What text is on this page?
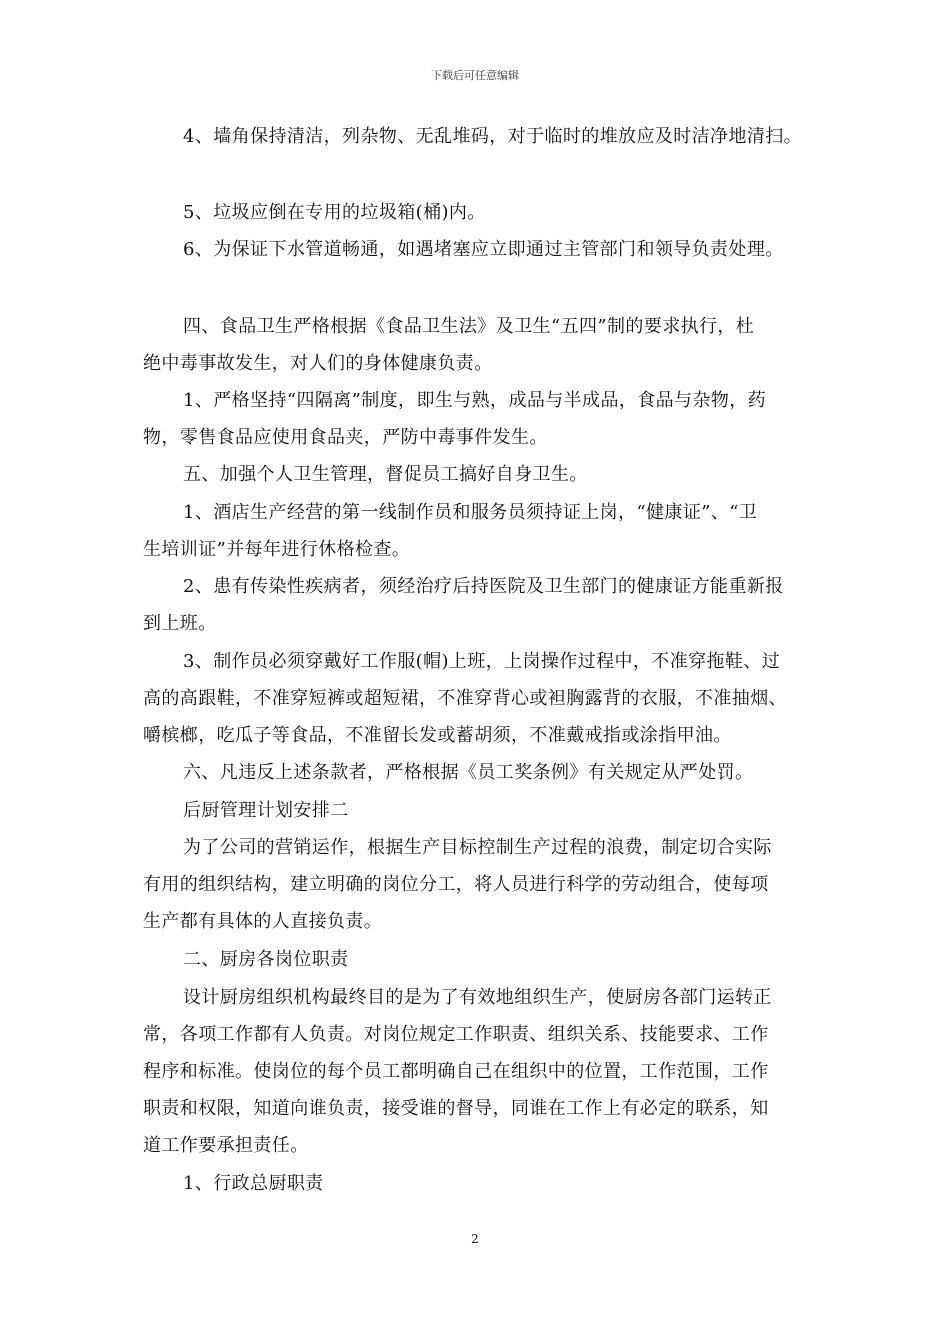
下载后可任意编辑
4、墙角保持清洁，列杂物、无乱堆码，对于临时的堆放应及时洁净地清扫。
5、垃圾应倒在专用的垃圾箱(桶)内。
6、为保证下水管道畅通，如遇堵塞应立即通过主管部门和领导负责处理。
四、食品卫生严格根据《食品卫生法》及卫生“五四”制的要求执行，杜
绝中毒事故发生，对人们的身体健康负责。
1、严格坚持“四隔离”制度，即生与熟，成品与半成品，食品与杂物，药
物，零售食品应使用食品夹，严防中毒事件发生。
五、加强个人卫生管理，督促员工搞好自身卫生。
1、酒店生产经营的第一线制作员和服务员须持证上岗，“健康证”、“卫
生培训证”并每年进行休格检查。
2、患有传染性疾病者，须经治疗后持医院及卫生部门的健康证方能重新报
到上班。
3、制作员必须穿戴好工作服(帽)上班，上岗操作过程中，不准穿拖鞋、过
高的高跟鞋，不准穿短裤或超短裙，不准穿背心或袒胸露背的衣服，不准抽烟、
嚼槟榔，吃瓜子等食品，不准留长发或蓄胡须，不准戴戒指或涂指甲油。
六、凡违反上述条款者，严格根据《员工奖条例》有关规定从严处罚。
后厨管理计划安排二
为了公司的营销运作，根据生产目标控制生产过程的浪费，制定切合实际
有用的组织结构，建立明确的岗位分工，将人员进行科学的劳动组合，使每项
生产都有具体的人直接负责。
二、厨房各岗位职责
设计厨房组织机构最终目的是为了有效地组织生产，使厨房各部门运转正
常，各项工作都有人负责。对岗位规定工作职责、组织关系、技能要求、工作
程序和标准。使岗位的每个员工都明确自己在组织中的位置，工作范围，工作
职责和权限，知道向谁负责，接受谁的督导，同谁在工作上有必定的联系，知
道工作要承担责任。
1、行政总厨职责
2
